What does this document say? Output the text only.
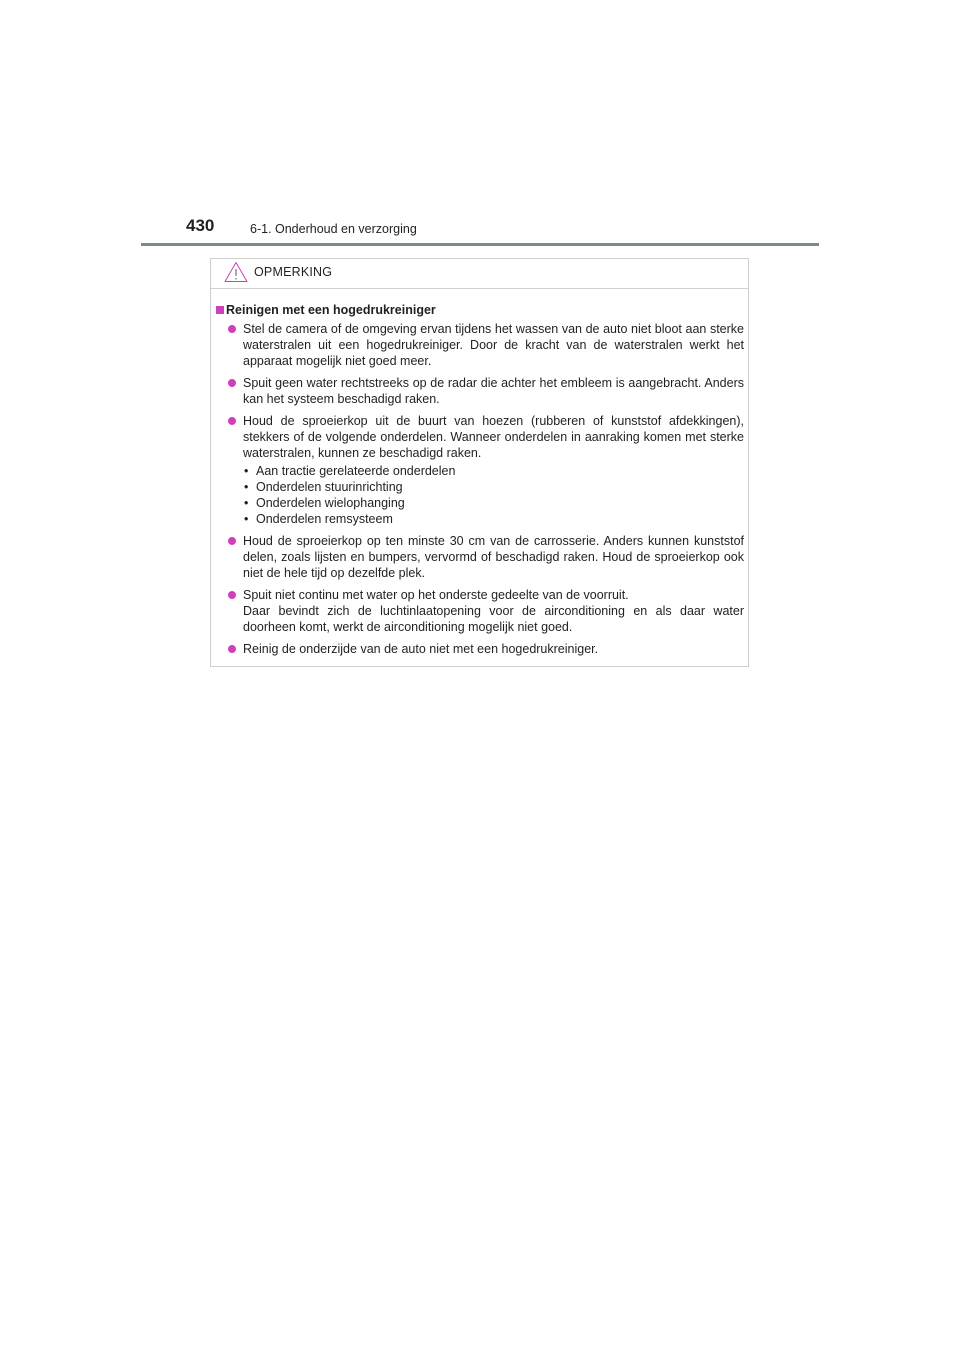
430	6-1. Onderhoud en verzorging
OPMERKING
Reinigen met een hogedrukreiniger

Stel de camera of de omgeving ervan tijdens het wassen van de auto niet bloot aan sterke waterstralen uit een hogedrukreiniger. Door de kracht van de waterstralen werkt het apparaat mogelijk niet goed meer.

Spuit geen water rechtstreeks op de radar die achter het embleem is aangebracht. Anders kan het systeem beschadigd raken.

Houd de sproeierkop uit de buurt van hoezen (rubberen of kunststof afdekkingen), stekkers of de volgende onderdelen. Wanneer onderdelen in aanraking komen met sterke waterstralen, kunnen ze beschadigd raken.

• Aan tractie gerelateerde onderdelen
• Onderdelen stuurinrichting
• Onderdelen wielophanging
• Onderdelen remsysteem

Houd de sproeierkop op ten minste 30 cm van de carrosserie. Anders kunnen kunststof delen, zoals lijsten en bumpers, vervormd of beschadigd raken. Houd de sproeierkop ook niet de hele tijd op dezelfde plek.

Spuit niet continu met water op het onderste gedeelte van de voorruit.

Daar bevindt zich de luchtinlaatopening voor de airconditioning en als daar water doorheen komt, werkt de airconditioning mogelijk niet goed.

Reinig de onderzijde van de auto niet met een hogedrukreiniger.
